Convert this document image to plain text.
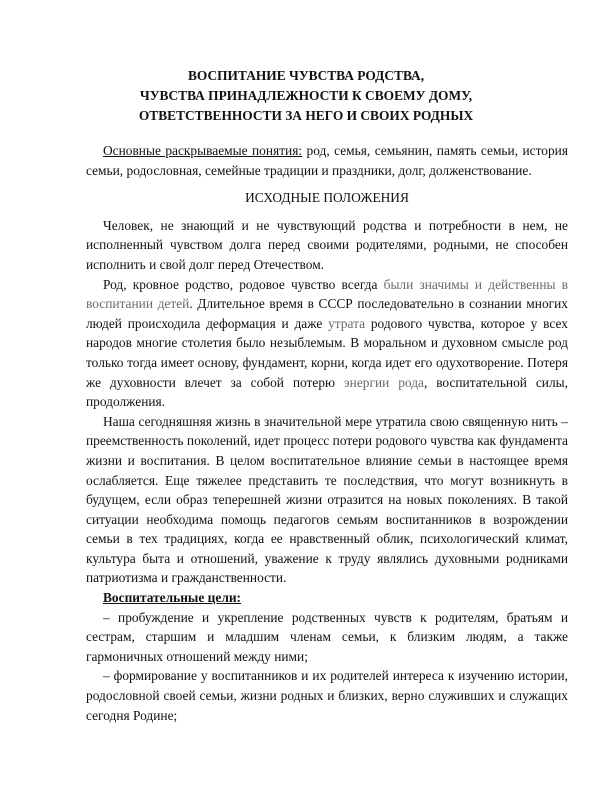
ВОСПИТАНИЕ ЧУВСТВА РОДСТВА,
ЧУВСТВА ПРИНАДЛЕЖНОСТИ К СВОЕМУ ДОМУ,
ОТВЕТСТВЕННОСТИ ЗА НЕГО И СВОИХ РОДНЫХ

Основные раскрываемые понятия: род, семья, семьянин, память семьи, история семьи, родословная, семейные традиции и праздники, долг, долженствование.

ИСХОДНЫЕ ПОЛОЖЕНИЯ

Человек, не знающий и не чувствующий родства и потребности в нем, не исполненный чувством долга перед своими родителями, родными, не способен исполнить и свой долг перед Отечеством.

Род, кровное родство, родовое чувство всегда были значимы и действенны в воспитании детей. Длительное время в СССР последовательно в сознании многих людей происходила деформация и даже утрата родового чувства, которое у всех народов многие столетия было незыблемым. В моральном и духовном смысле род только тогда имеет основу, фундамент, корни, когда идет его одухотворение. Потеря же духовности влечет за собой потерю энергии рода, воспитательной силы, продолжения.

Наша сегодняшняя жизнь в значительной мере утратила свою священную нить – преемственность поколений, идет процесс потери родового чувства как фундамента жизни и воспитания. В целом воспитательное влияние семьи в настоящее время ослабляется. Еще тяжелее представить те последствия, что могут возникнуть в будущем, если образ теперешней жизни отразится на новых поколениях. В такой ситуации необходима помощь педагогов семьям воспитанников в возрождении семьи в тех традициях, когда ее нравственный облик, психологический климат, культура быта и отношений, уважение к труду являлись духовными родниками патриотизма и гражданственности.

Воспитательные цели:

– пробуждение и укрепление родственных чувств к родителям, братьям и сестрам, старшим и младшим членам семьи, к близким людям, а также гармоничных отношений между ними;

– формирование у воспитанников и их родителей интереса к изучению истории, родословной своей семьи, жизни родных и близких, верно служивших и служащих сегодня Родине;
